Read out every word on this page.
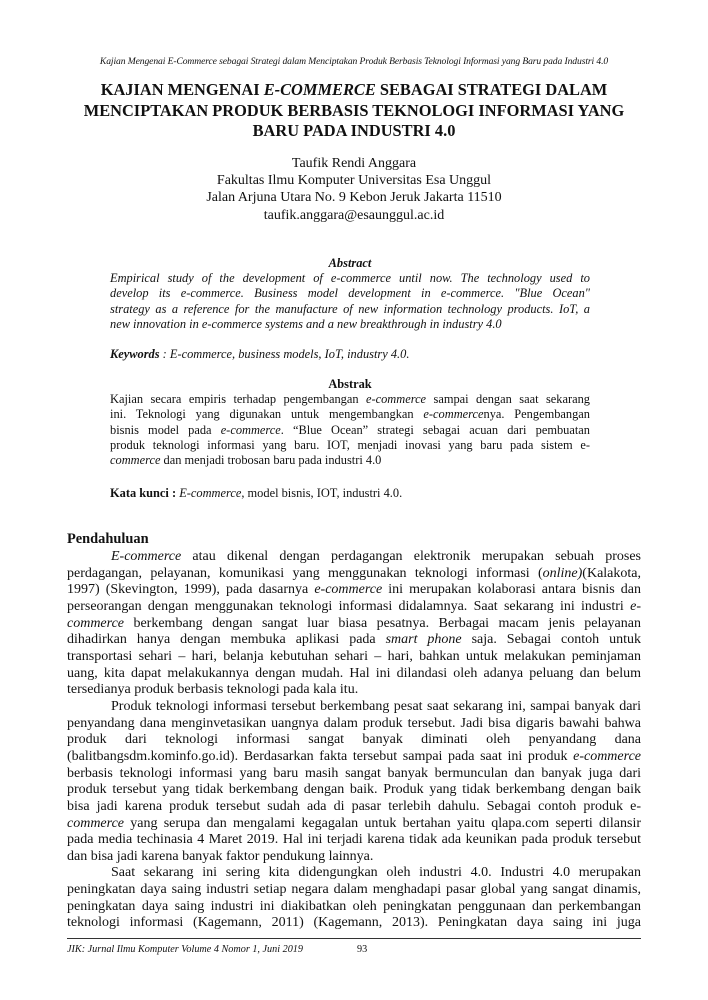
Kajian Mengenai E-Commerce sebagai Strategi dalam Menciptakan Produk Berbasis Teknologi Informasi yang Baru pada Industri 4.0
KAJIAN MENGENAI E-COMMERCE SEBAGAI STRATEGI DALAM
MENCIPTAKAN PRODUK BERBASIS TEKNOLOGI INFORMASI YANG
BARU PADA INDUSTRI 4.0
Taufik Rendi Anggara
Fakultas Ilmu Komputer Universitas Esa Unggul
Jalan Arjuna Utara No. 9 Kebon Jeruk Jakarta 11510
taufik.anggara@esaunggul.ac.id
Abstract
Empirical study of the development of e-commerce until now. The technology used to
develop its e-commerce. Business model development in e-commerce. "Blue Ocean"
strategy as a reference for the manufacture of new information technology products. IoT, a
new innovation in e-commerce systems and a new breakthrough in industry 4.0
Keywords : E-commerce, business models, IoT, industry 4.0.
Abstrak
Kajian secara empiris terhadap pengembangan e-commerce sampai dengan saat sekarang
ini. Teknologi yang digunakan untuk mengembangkan e-commercenya. Pengembangan
bisnis model pada e-commerce. “Blue Ocean” strategi sebagai acuan dari pembuatan
produk teknologi informasi yang baru. IOT, menjadi inovasi yang baru pada sistem e-
commerce dan menjadi trobosan baru pada industri 4.0
Kata kunci : E-commerce, model bisnis, IOT, industri 4.0.
Pendahuluan
E-commerce atau dikenal dengan perdagangan elektronik merupakan sebuah proses
perdagangan, pelayanan, komunikasi yang menggunakan teknologi informasi (online)(Kalakota,
1997) (Skevington, 1999), pada dasarnya e-commerce ini merupakan kolaborasi antara bisnis dan
perseorangan dengan menggunakan teknologi informasi didalamnya. Saat sekarang ini industri e-
commerce berkembang dengan sangat luar biasa pesatnya. Berbagai macam jenis pelayanan
dihadirkan hanya dengan membuka aplikasi pada smart phone saja. Sebagai contoh untuk
transportasi sehari – hari, belanja kebutuhan sehari – hari, bahkan untuk melakukan peminjaman
uang, kita dapat melakukannya dengan mudah. Hal ini dilandasi oleh adanya peluang dan belum
tersedianya produk berbasis teknologi pada kala itu.
Produk teknologi informasi tersebut berkembang pesat saat sekarang ini, sampai banyak dari
penyandang dana menginvetasikan uangnya dalam produk tersebut. Jadi bisa digaris bawahi bahwa
produk dari teknologi informasi sangat banyak diminati oleh penyandang dana
(balitbangsdm.kominfo.go.id). Berdasarkan fakta tersebut sampai pada saat ini produk e-commerce
berbasis teknologi informasi yang baru masih sangat banyak bermunculan dan banyak juga dari
produk tersebut yang tidak berkembang dengan baik. Produk yang tidak berkembang dengan baik
bisa jadi karena produk tersebut sudah ada di pasar terlebih dahulu. Sebagai contoh produk e-
commerce yang serupa dan mengalami kegagalan untuk bertahan yaitu qlapa.com seperti dilansir
pada media techinasia 4 Maret 2019. Hal ini terjadi karena tidak ada keunikan pada produk tersebut
dan bisa jadi karena banyak faktor pendukung lainnya.
Saat sekarang ini sering kita didengungkan oleh industri 4.0. Industri 4.0 merupakan
peningkatan daya saing industri setiap negara dalam menghadapi pasar global yang sangat dinamis,
peningkatan daya saing industri ini diakibatkan oleh peningkatan penggunaan dan perkembangan
teknologi informasi (Kagemann, 2011) (Kagemann, 2013). Peningkatan daya saing ini juga
JIK: Jurnal Ilmu Komputer Volume 4 Nomor 1, Juni 2019	93
